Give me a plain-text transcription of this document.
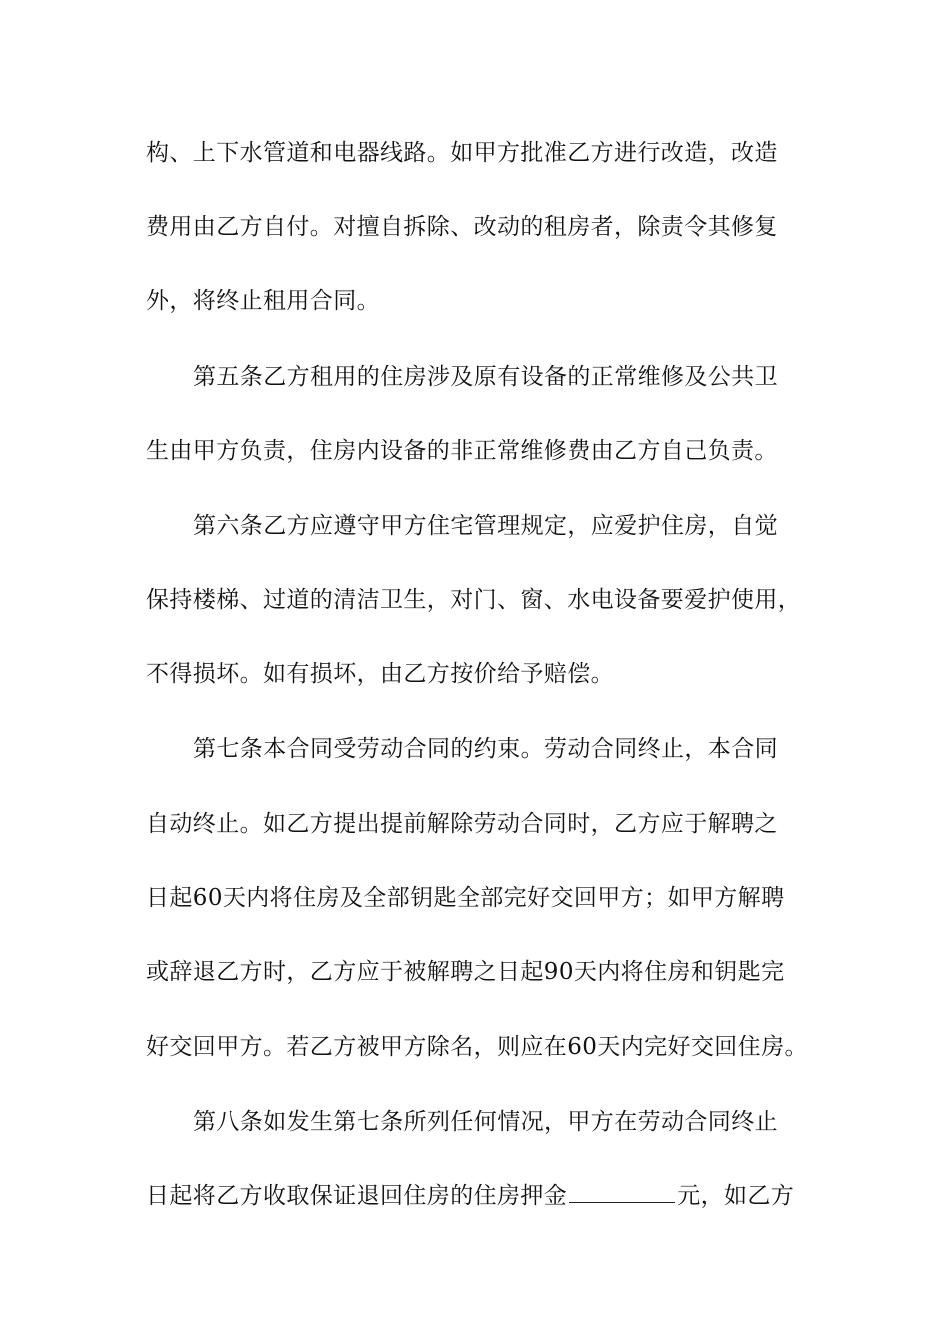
构、上下水管道和电器线路。如甲方批准乙方进行改造，改造
费用由乙方自付。对擅自拆除、改动的租房者，除责令其修复
外，将终止租用合同。
第五条乙方租用的住房涉及原有设备的正常维修及公共卫
生由甲方负责，住房内设备的非正常维修费由乙方自己负责。
第六条乙方应遵守甲方住宅管理规定，应爱护住房，自觉
保持楼梯、过道的清洁卫生，对门、窗、水电设备要爱护使用，
不得损坏。如有损坏，由乙方按价给予赔偿。
第七条本合同受劳动合同的约束。劳动合同终止，本合同
自动终止。如乙方提出提前解除劳动合同时，乙方应于解聘之
日起60天内将住房及全部钥匙全部完好交回甲方；如甲方解聘
或辞退乙方时，乙方应于被解聘之日起90天内将住房和钥匙完
好交回甲方。若乙方被甲方除名，则应在60天内完好交回住房。
第八条如发生第七条所列任何情况，甲方在劳动合同终止
日起将乙方收取保证退回住房的住房押金	元，如乙方
